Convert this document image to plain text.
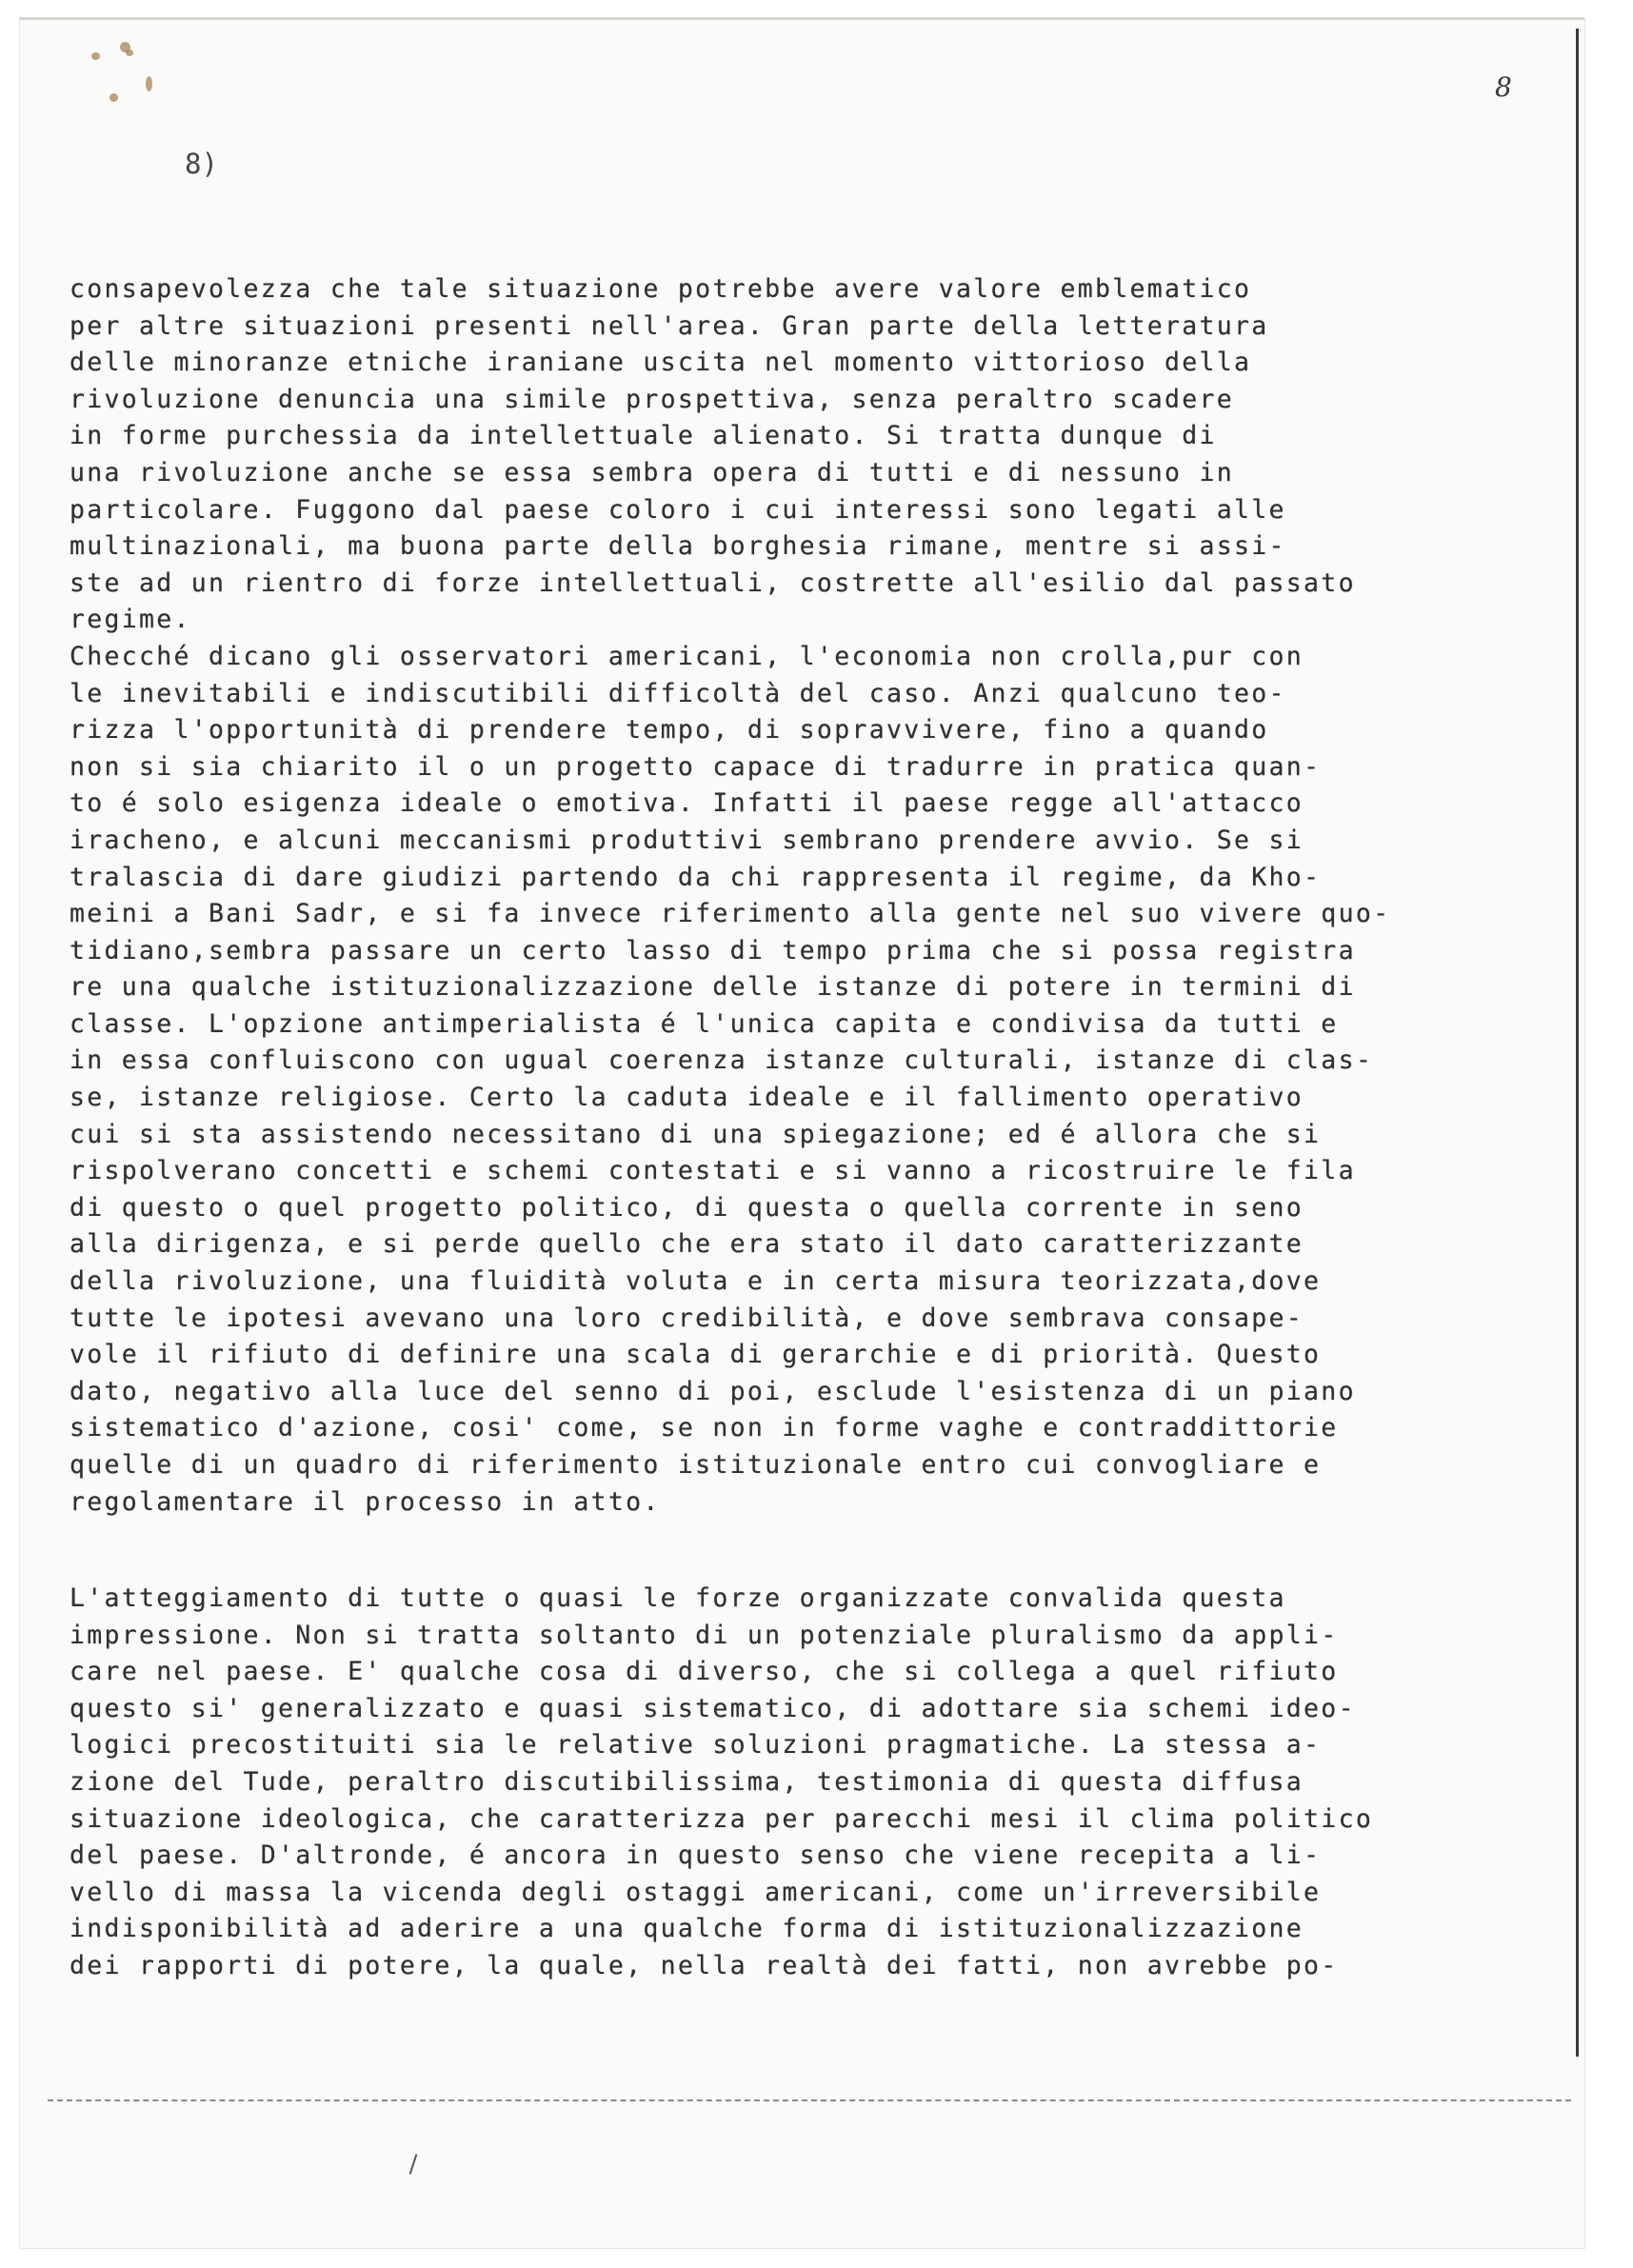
8
8)
consapevolezza che tale situazione potrebbe avere valore emblematico
per altre situazioni presenti nell'area. Gran parte della letteratura
delle minoranze etniche iraniane uscita nel momento vittorioso della
rivoluzione denuncia una simile prospettiva, senza peraltro scadere
in forme purchessia da intellettuale alienato. Si tratta dunque di
una rivoluzione anche se essa sembra opera di tutti e di nessuno in
particolare. Fuggono dal paese coloro i cui interessi sono legati alle
multinazionali, ma buona parte della borghesia rimane, mentre si assi-
ste ad un rientro di forze intellettuali, costrette all'esilio dal passato
regime.
Checché dicano gli osservatori americani, l'economia non crolla,pur con
le inevitabili e indiscutibili difficoltà del caso. Anzi qualcuno teo-
rizza l'opportunità di prendere tempo, di sopravvivere, fino a quando
non si sia chiarito il o un progetto capace di tradurre in pratica quan-
to é solo esigenza ideale o emotiva. Infatti il paese regge all'attacco
iracheno, e alcuni meccanismi produttivi sembrano prendere avvio. Se si
tralascia di dare giudizi partendo da chi rappresenta il regime, da Kho-
meini a Bani Sadr, e si fa invece riferimento alla gente nel suo vivere quo-
tidiano,sembra passare un certo lasso di tempo prima che si possa registra
re una qualche istituzionalizzazione delle istanze di potere in termini di
classe. L'opzione antimperialista é l'unica capita e condivisa da tutti e
in essa confluiscono con ugual coerenza istanze culturali, istanze di clas-
se, istanze religiose. Certo la caduta ideale e il fallimento operativo
cui si sta assistendo necessitano di una spiegazione; ed é allora che si
rispolverano concetti e schemi contestati e si vanno a ricostruire le fila
di questo o quel progetto politico, di questa o quella corrente in seno
alla dirigenza, e si perde quello che era stato il dato caratterizzante
della rivoluzione, una fluidità voluta e in certa misura teorizzata,dove
tutte le ipotesi avevano una loro credibilità, e dove sembrava consape-
vole il rifiuto di definire una scala di gerarchie e di priorità. Questo
dato, negativo alla luce del senno di poi, esclude l'esistenza di un piano
sistematico d'azione, cosi' come, se non in forme vaghe e contraddittorie
quelle di un quadro di riferimento istituzionale entro cui convogliare e
regolamentare il processo in atto.
L'atteggiamento di tutte o quasi le forze organizzate convalida questa
impressione. Non si tratta soltanto di un potenziale pluralismo da appli-
care nel paese. E' qualche cosa di diverso, che si collega a quel rifiuto
questo si' generalizzato e quasi sistematico, di adottare sia schemi ideo-
logici precostituiti sia le relative soluzioni pragmatiche. La stessa a-
zione del Tude, peraltro discutibilissima, testimonia di questa diffusa
situazione ideologica, che caratterizza per parecchi mesi il clima politico
del paese. D'altronde, é ancora in questo senso che viene recepita a li-
vello di massa la vicenda degli ostaggi americani, come un'irreversibile
indisponibilità ad aderire a una qualche forma di istituzionalizzazione
dei rapporti di potere, la quale, nella realtà dei fatti, non avrebbe po-
